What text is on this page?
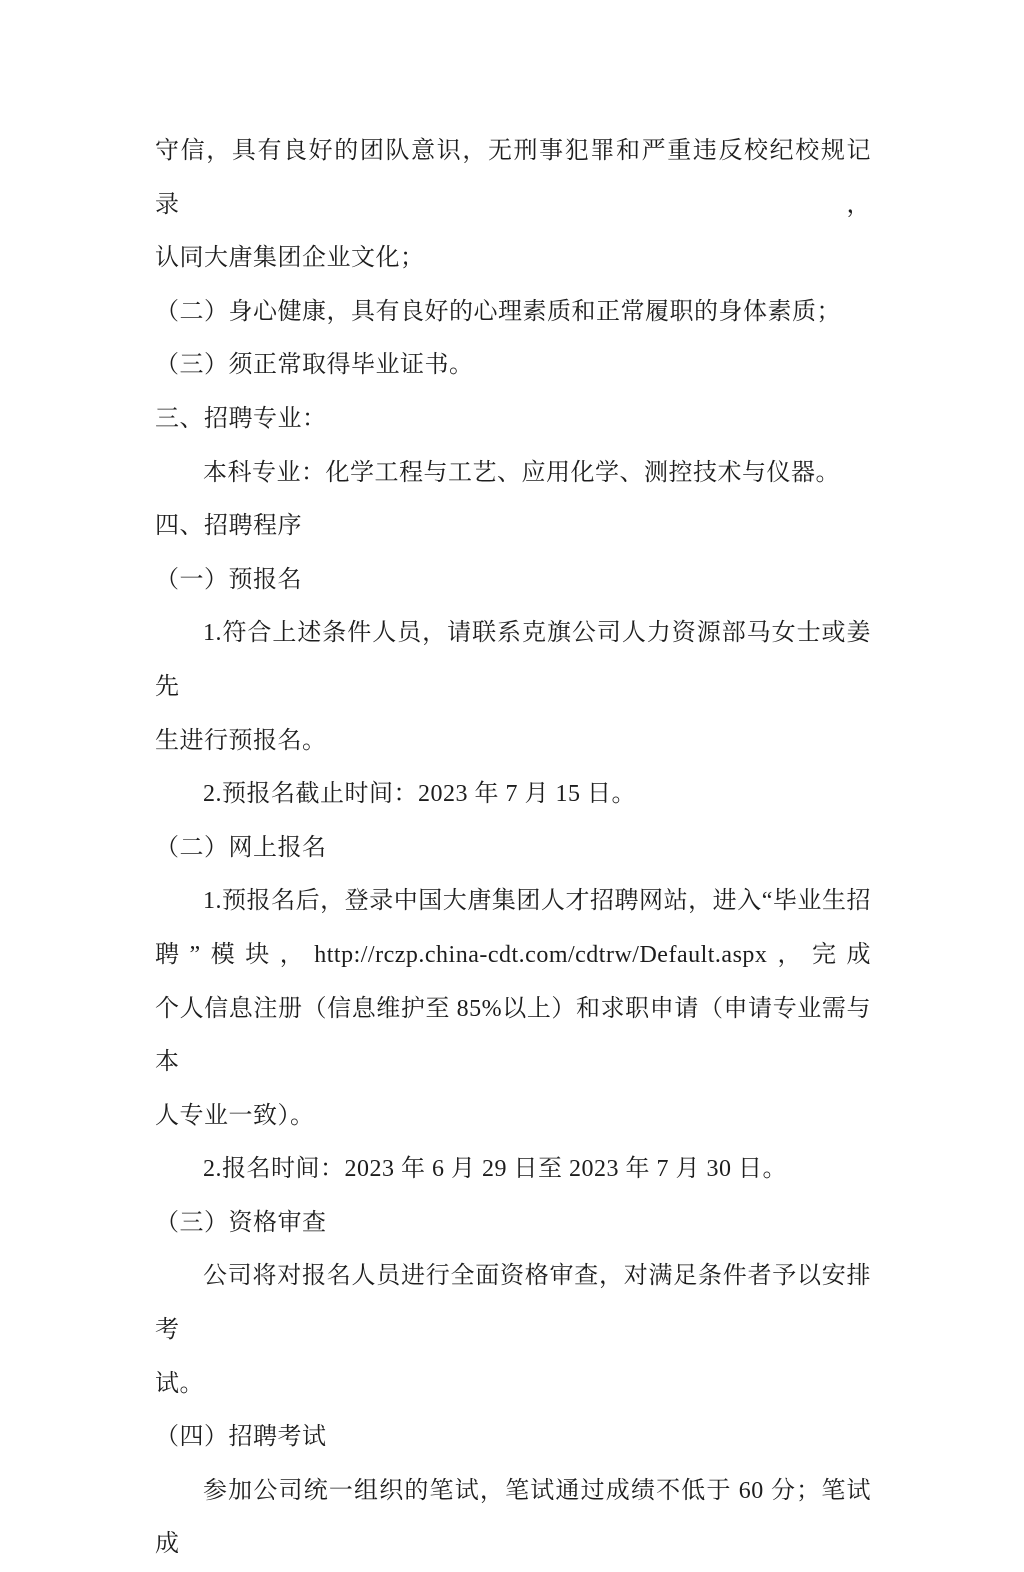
守信，具有良好的团队意识，无刑事犯罪和严重违反校纪校规记录，

认同大唐集团企业文化；

（二）身心健康，具有良好的心理素质和正常履职的身体素质；

（三）须正常取得毕业证书。

三、招聘专业：

本科专业：化学工程与工艺、应用化学、测控技术与仪器。

四、招聘程序

（一）预报名

1.符合上述条件人员，请联系克旗公司人力资源部马女士或姜先

生进行预报名。

2.预报名截止时间：2023 年 7 月 15 日。

（二）网上报名

1.预报名后，登录中国大唐集团人才招聘网站，进入“毕业生招

聘”模块，http://rczp.china-cdt.com/cdtrw/Default.aspx，完成

个人信息注册（信息维护至 85%以上）和求职申请（申请专业需与本

人专业一致）。

2.报名时间：2023 年 6 月 29 日至 2023 年 7 月 30 日。

（三）资格审查

公司将对报名人员进行全面资格审查，对满足条件者予以安排考

试。

（四）招聘考试

参加公司统一组织的笔试，笔试通过成绩不低于 60 分；笔试成
